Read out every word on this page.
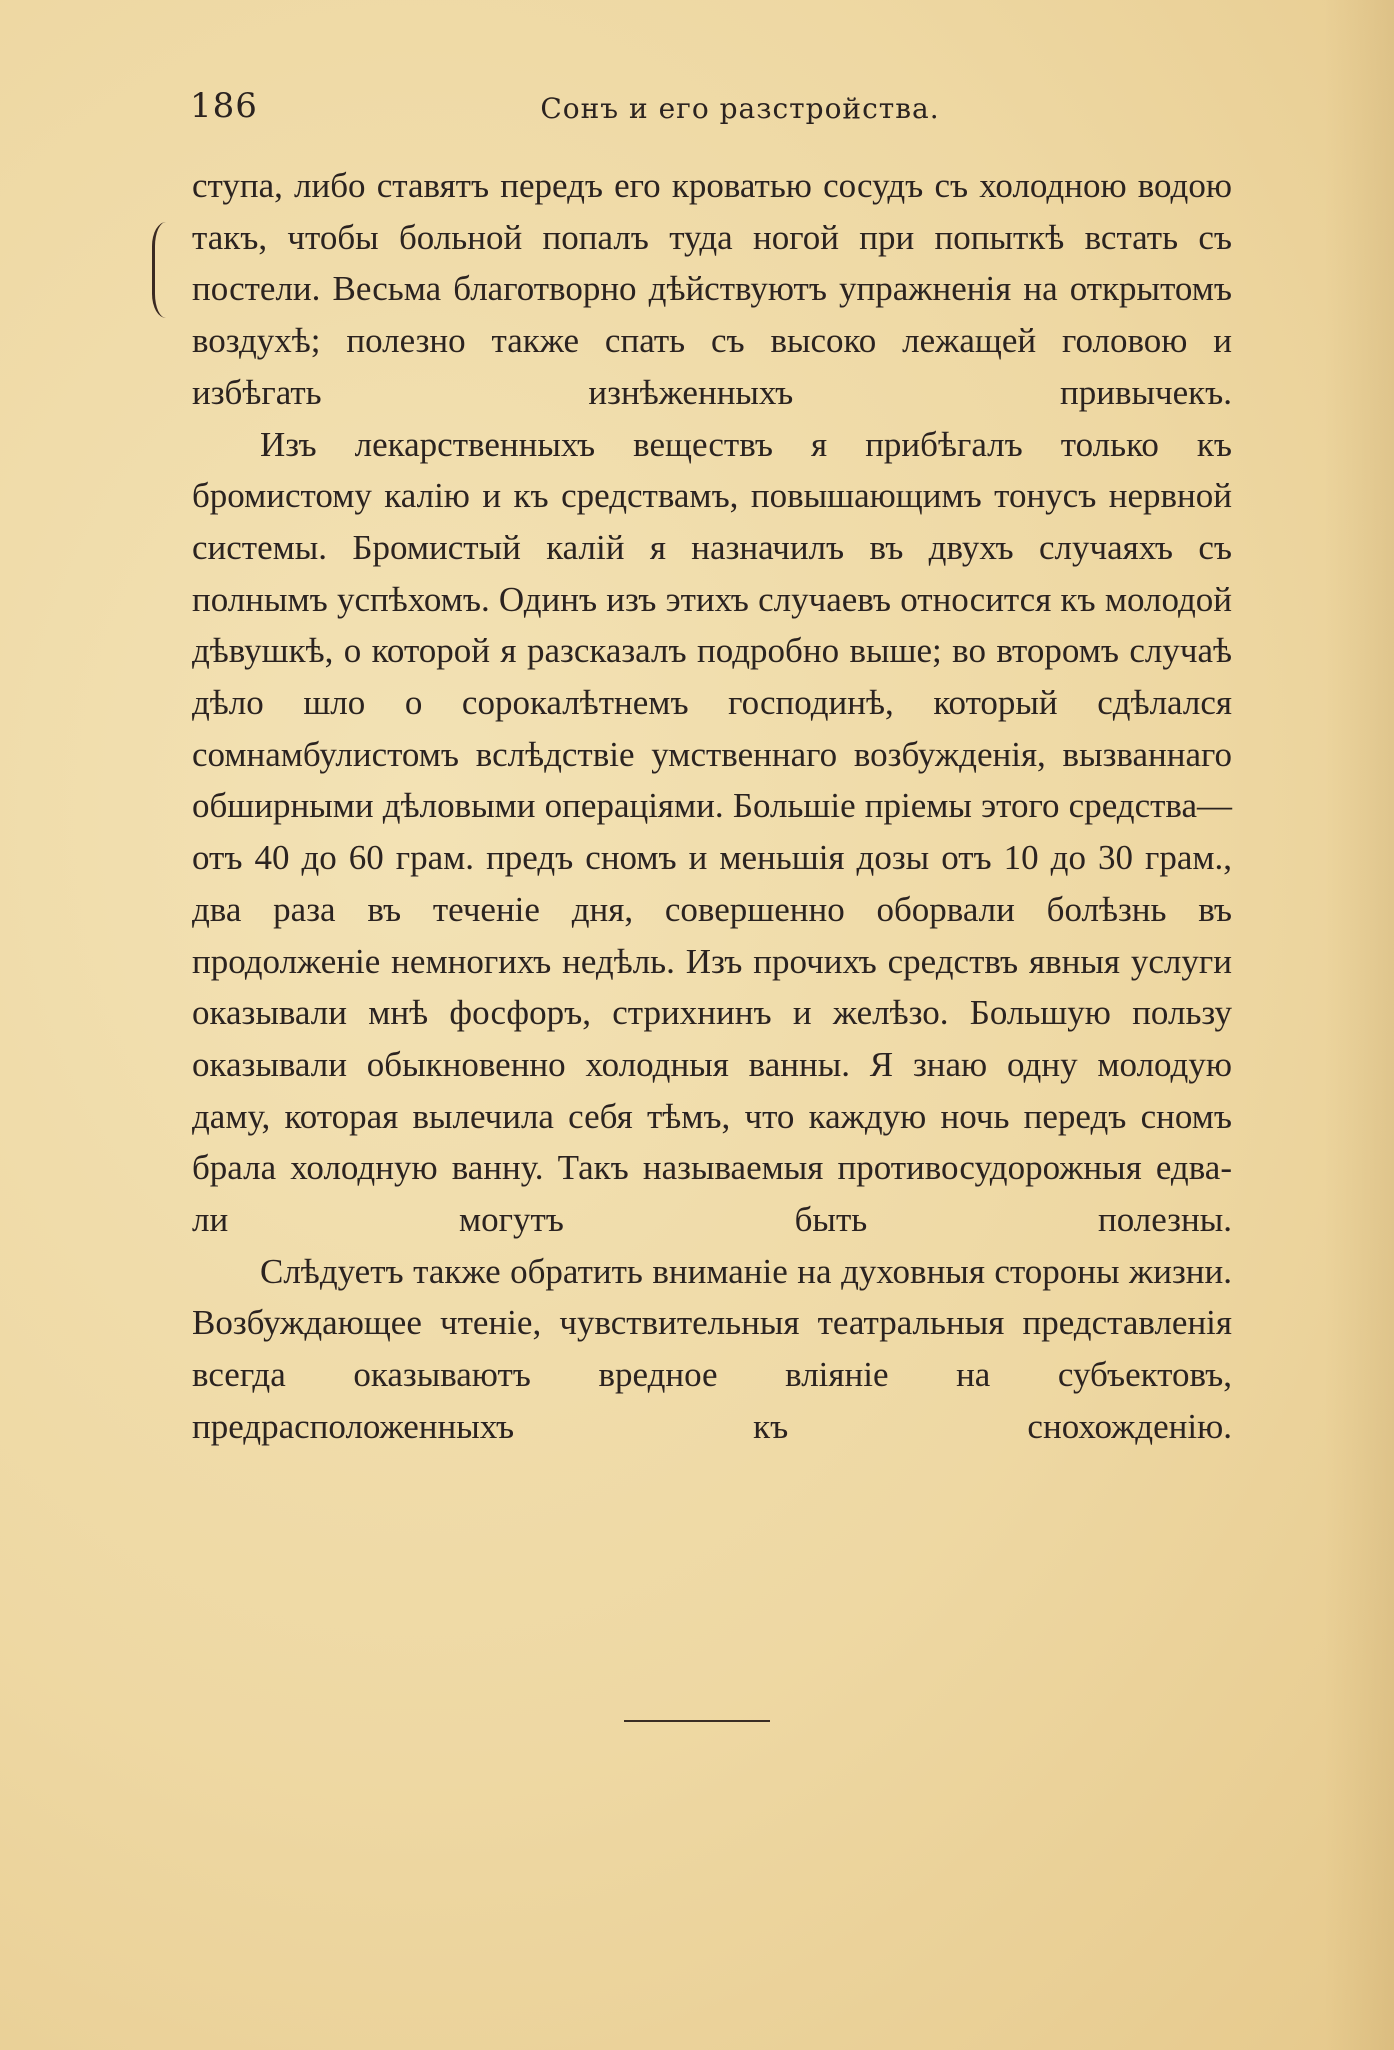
186	Сонъ и его разстройства.

ступа, либо ставятъ передъ его кроватью сосудъ съ холодною водою такъ, чтобы больной попалъ туда ногой при попыткѣ встать съ постели. Весьма благотворно дѣйствуютъ упражненія на открытомъ воздухѣ; полезно также спать съ высоко лежащей головою и избѣгать изнѣженныхъ привычекъ.

Изъ лекарственныхъ веществъ я прибѣгалъ только къ бромистому калію и къ средствамъ, повышающимъ тонусъ нервной системы. Бромистый калій я назначилъ въ двухъ случаяхъ съ полнымъ успѣхомъ. Одинъ изъ этихъ случаевъ относится къ молодой дѣвушкѣ, о которой я разсказалъ подробно выше; во второмъ случаѣ дѣло шло о сорокалѣтнемъ господинѣ, который сдѣлался сомнамбулистомъ вслѣдствіе умственнаго возбужденія, вызваннаго обширными дѣловыми операціями. Большіе пріемы этого средства—отъ 40 до 60 грам. предъ сномъ и меньшія дозы отъ 10 до 30 грам., два раза въ теченіе дня, совершенно оборвали болѣзнь въ продолженіе немногихъ недѣль. Изъ прочихъ средствъ явныя услуги оказывали мнѣ фосфоръ, стрихнинъ и желѣзо. Большую пользу оказывали обыкновенно холодныя ванны. Я знаю одну молодую даму, которая вылечила себя тѣмъ, что каждую ночь передъ сномъ брала холодную ванну. Такъ называемыя противосудорожныя едва-ли могутъ быть полезны.

Слѣдуетъ также обратить вниманіе на духовныя стороны жизни. Возбуждающее чтеніе, чувствительныя театральныя представленія всегда оказываютъ вредное вліяніе на субъектовъ, предрасположенныхъ къ снохожденію.
